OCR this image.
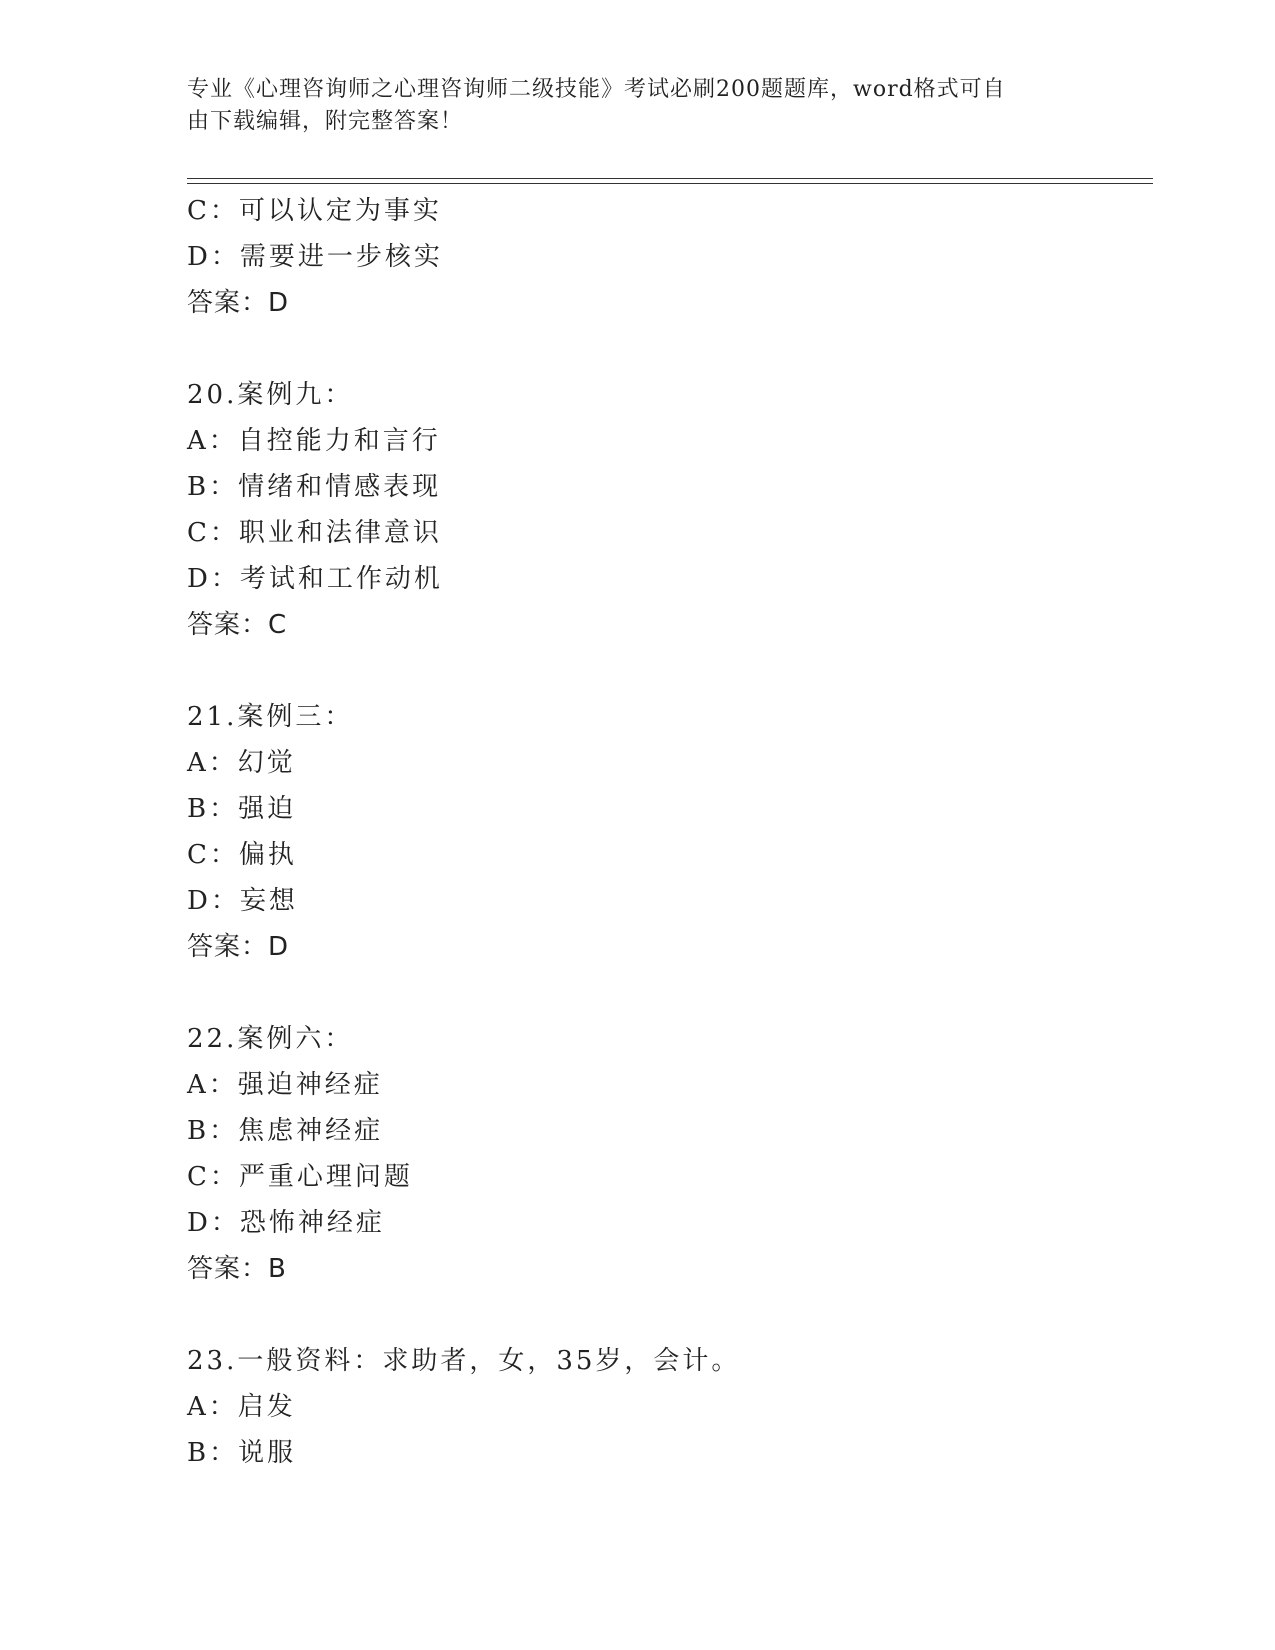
专业《心理咨询师之心理咨询师二级技能》考试必刷200题题库，word格式可自
由下载编辑，附完整答案！
C：可以认定为事实
D：需要进一步核实
答案：D
20.案例九：
A：自控能力和言行
B：情绪和情感表现
C：职业和法律意识
D：考试和工作动机
答案：C
21.案例三：
A：幻觉
B：强迫
C：偏执
D：妄想
答案：D
22.案例六：
A：强迫神经症
B：焦虑神经症
C：严重心理问题
D：恐怖神经症
答案：B
23.一般资料：求助者，女，35岁，会计。
A：启发
B：说服
